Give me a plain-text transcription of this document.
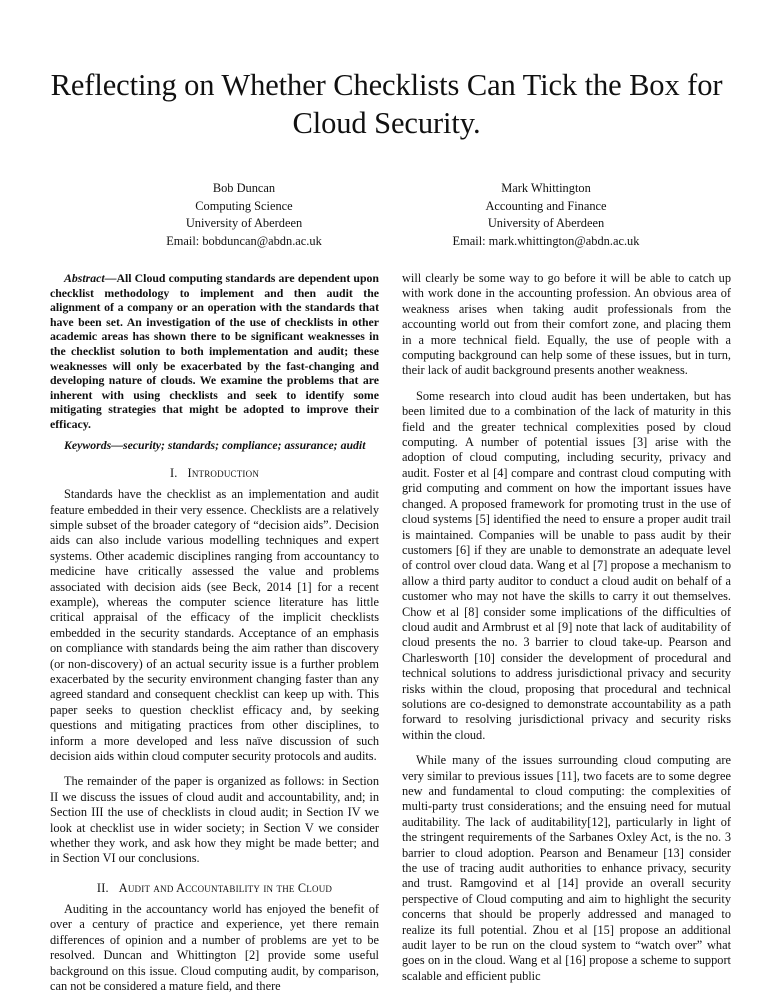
Reflecting on Whether Checklists Can Tick the Box for Cloud Security.
Bob Duncan
Computing Science
University of Aberdeen
Email: bobduncan@abdn.ac.uk
Mark Whittington
Accounting and Finance
University of Aberdeen
Email: mark.whittington@abdn.ac.uk

Abstract—All Cloud computing standards are dependent upon checklist methodology to implement and then audit the alignment of a company or an operation with the standards that have been set. An investigation of the use of checklists in other academic areas has shown there to be significant weaknesses in the checklist solution to both implementation and audit; these weaknesses will only be exacerbated by the fast-changing and developing nature of clouds. We examine the problems that are inherent with using checklists and seek to identify some mitigating strategies that might be adopted to improve their efficacy.

Keywords—security; standards; compliance; assurance; audit

I. Introduction

Standards have the checklist as an implementation and audit feature embedded in their very essence. Checklists are a relatively simple subset of the broader category of “decision aids”. Decision aids can also include various modelling techniques and expert systems. Other academic disciplines ranging from accountancy to medicine have critically assessed the value and problems associated with decision aids (see Beck, 2014 [1] for a recent example), whereas the computer science literature has little critical appraisal of the efficacy of the implicit checklists embedded in the security standards. Acceptance of an emphasis on compliance with standards being the aim rather than discovery (or non-discovery) of an actual security issue is a further problem exacerbated by the security environment changing faster than any agreed standard and consequent checklist can keep up with. This paper seeks to question checklist efficacy and, by seeking questions and mitigating practices from other disciplines, to inform a more developed and less naïve discussion of such decision aids within cloud computer security protocols and audits.

The remainder of the paper is organized as follows: in Section II we discuss the issues of cloud audit and accountability, and; in Section III the use of checklists in cloud audit; in Section IV we look at checklist use in wider society; in Section V we consider whether they work, and ask how they might be made better; and in Section VI our conclusions.

II. Audit and Accountability in the Cloud

Auditing in the accountancy world has enjoyed the benefit of over a century of practice and experience, yet there remain differences of opinion and a number of problems are yet to be resolved. Duncan and Whittington [2] provide some useful background on this issue. Cloud computing audit, by comparison, can not be considered a mature field, and there

will clearly be some way to go before it will be able to catch up with work done in the accounting profession. An obvious area of weakness arises when taking audit professionals from the accounting world out from their comfort zone, and placing them in a more technical field. Equally, the use of people with a computing background can help some of these issues, but in turn, their lack of audit background presents another weakness.

Some research into cloud audit has been undertaken, but has been limited due to a combination of the lack of maturity in this field and the greater technical complexities posed by cloud computing. A number of potential issues [3] arise with the adoption of cloud computing, including security, privacy and audit. Foster et al [4] compare and contrast cloud computing with grid computing and comment on how the important issues have changed. A proposed framework for promoting trust in the use of cloud systems [5] identified the need to ensure a proper audit trail is maintained. Companies will be unable to pass audit by their customers [6] if they are unable to demonstrate an adequate level of control over cloud data. Wang et al [7] propose a mechanism to allow a third party auditor to conduct a cloud audit on behalf of a customer who may not have the skills to carry it out themselves. Chow et al [8] consider some implications of the difficulties of cloud audit and Armbrust et al [9] note that lack of auditability of cloud presents the no. 3 barrier to cloud take-up. Pearson and Charlesworth [10] consider the development of procedural and technical solutions to address jurisdictional privacy and security risks within the cloud, proposing that procedural and technical solutions are co-designed to demonstrate accountability as a path forward to resolving jurisdictional privacy and security risks within the cloud.

While many of the issues surrounding cloud computing are very similar to previous issues [11], two facets are to some degree new and fundamental to cloud computing: the complexities of multi-party trust considerations; and the ensuing need for mutual auditability. The lack of auditability[12], particularly in light of the stringent requirements of the Sarbanes Oxley Act, is the no. 3 barrier to cloud adoption. Pearson and Benameur [13] consider the use of tracing audit authorities to enhance privacy, security and trust. Ramgovind et al [14] provide an overall security perspective of Cloud computing and aim to highlight the security concerns that should be properly addressed and managed to realize its full potential. Zhou et al [15] propose an additional audit layer to be run on the cloud system to “watch over” what goes on in the cloud. Wang et al [16] propose a scheme to support scalable and efficient public
